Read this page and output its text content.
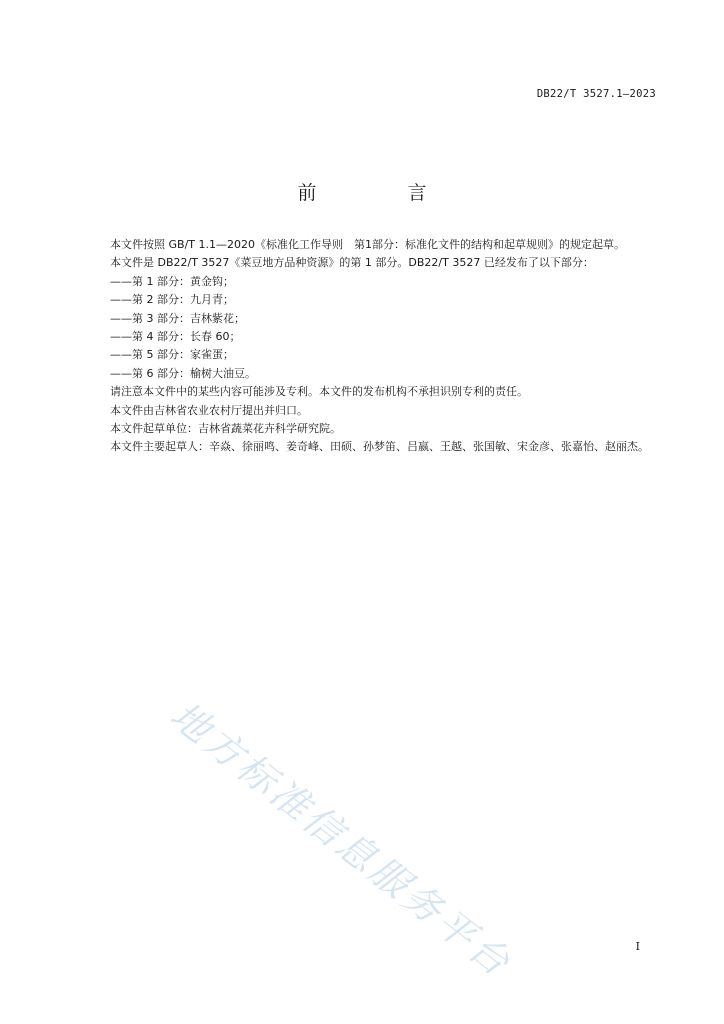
DB22/T 3527.1—2023
前　言

本文件按照 GB/T 1.1—2020《标准化工作导则　第1部分：标准化文件的结构和起草规则》的规定起草。

本文件是 DB22/T 3527《菜豆地方品种资源》的第 1 部分。DB22/T 3527 已经发布了以下部分：

——第 1 部分：黄金钩；

——第 2 部分：九月青；

——第 3 部分：吉林紫花；

——第 4 部分：长春 60；

——第 5 部分：家雀蛋；

——第 6 部分：榆树大油豆。

请注意本文件中的某些内容可能涉及专利。本文件的发布机构不承担识别专利的责任。

本文件由吉林省农业农村厅提出并归口。

本文件起草单位：吉林省蔬菜花卉科学研究院。

本文件主要起草人：辛焱、徐丽鸣、姜奇峰、田硕、孙梦笛、吕嬴、王越、张国敏、宋金彦、张嘉怡、赵丽杰。

地方标准信息服务平台	I
